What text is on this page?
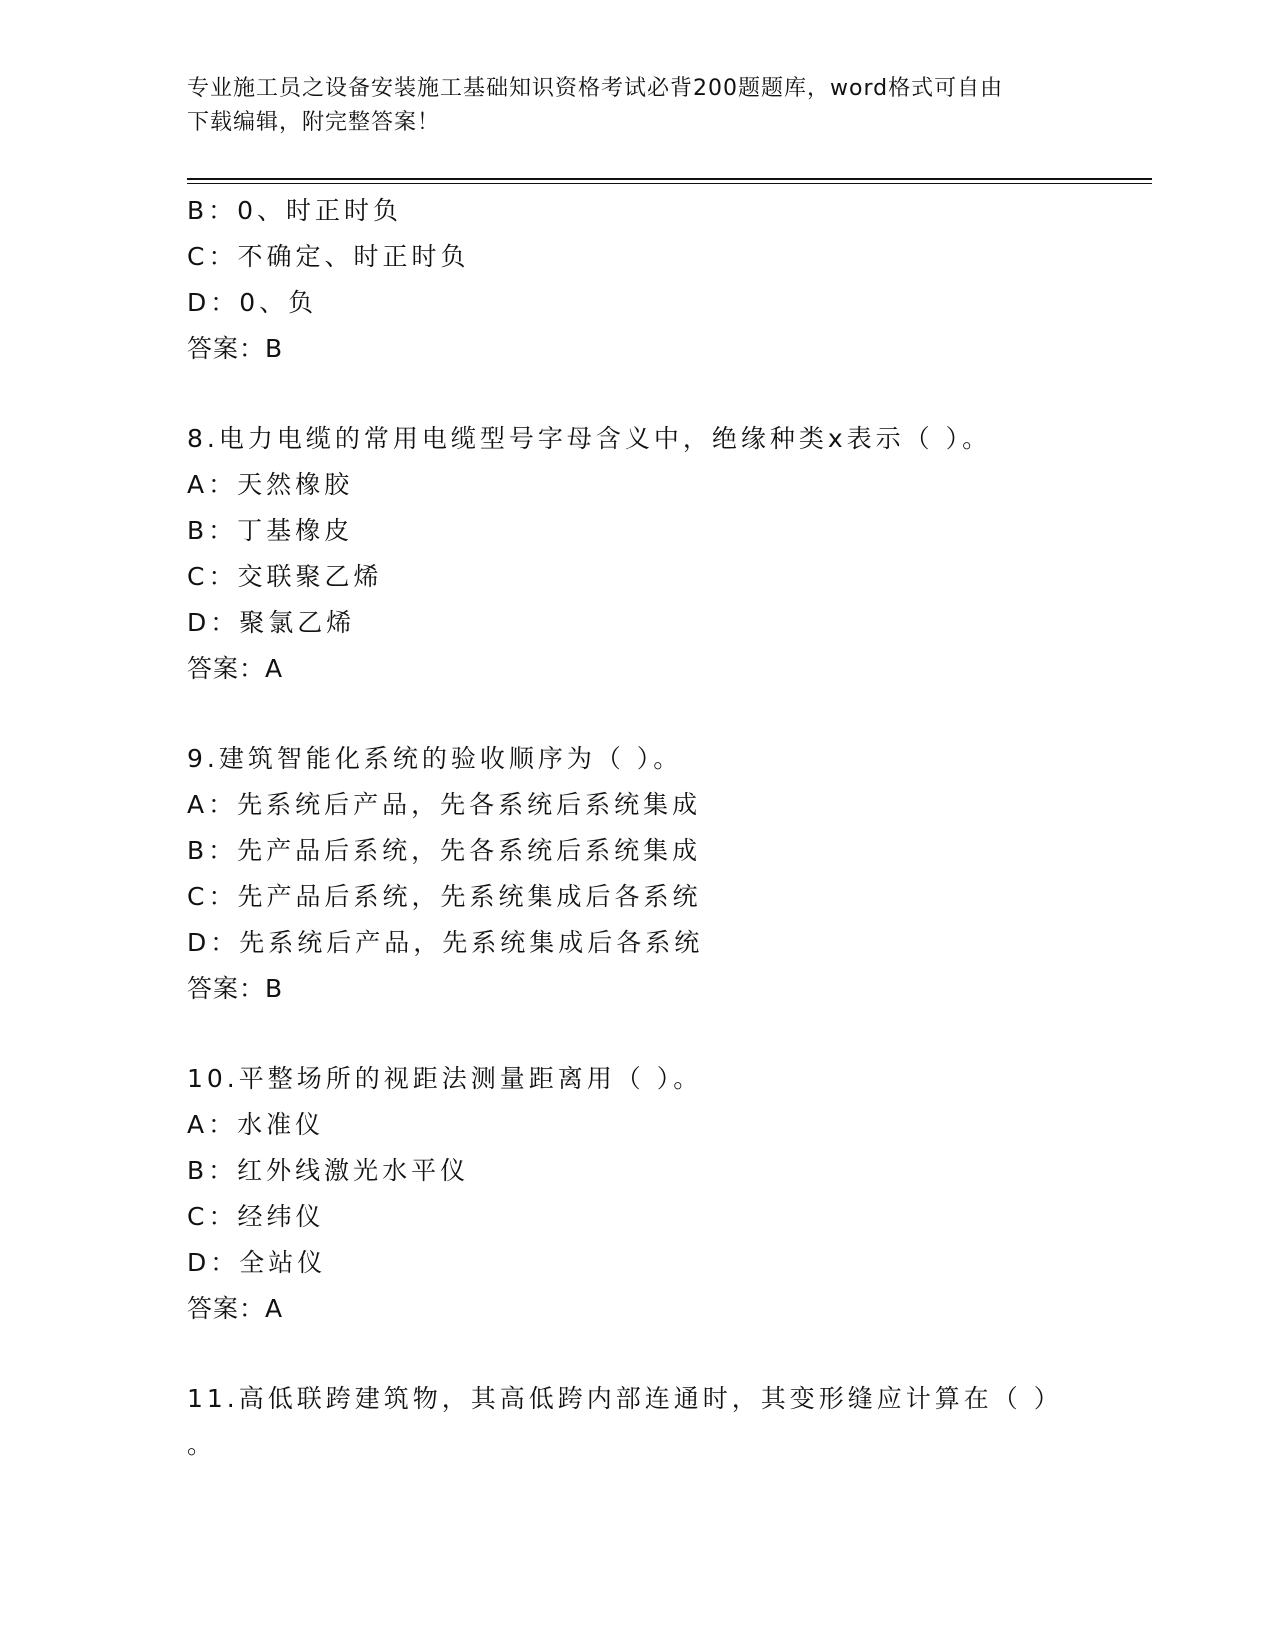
专业施工员之设备安装施工基础知识资格考试必背200题题库，word格式可自由
下载编辑，附完整答案！
B：0、时正时负
C：不确定、时正时负
D：0、负
答案：B
8.电力电缆的常用电缆型号字母含义中，绝缘种类x表示（ ）。
A：天然橡胶
B：丁基橡皮
C：交联聚乙烯
D：聚氯乙烯
答案：A
9.建筑智能化系统的验收顺序为（ ）。
A：先系统后产品，先各系统后系统集成
B：先产品后系统，先各系统后系统集成
C：先产品后系统，先系统集成后各系统
D：先系统后产品，先系统集成后各系统
答案：B
10.平整场所的视距法测量距离用（ ）。
A：水准仪
B：红外线激光水平仪
C：经纬仪
D：全站仪
答案：A
11.高低联跨建筑物，其高低跨内部连通时，其变形缝应计算在（ ）
。
